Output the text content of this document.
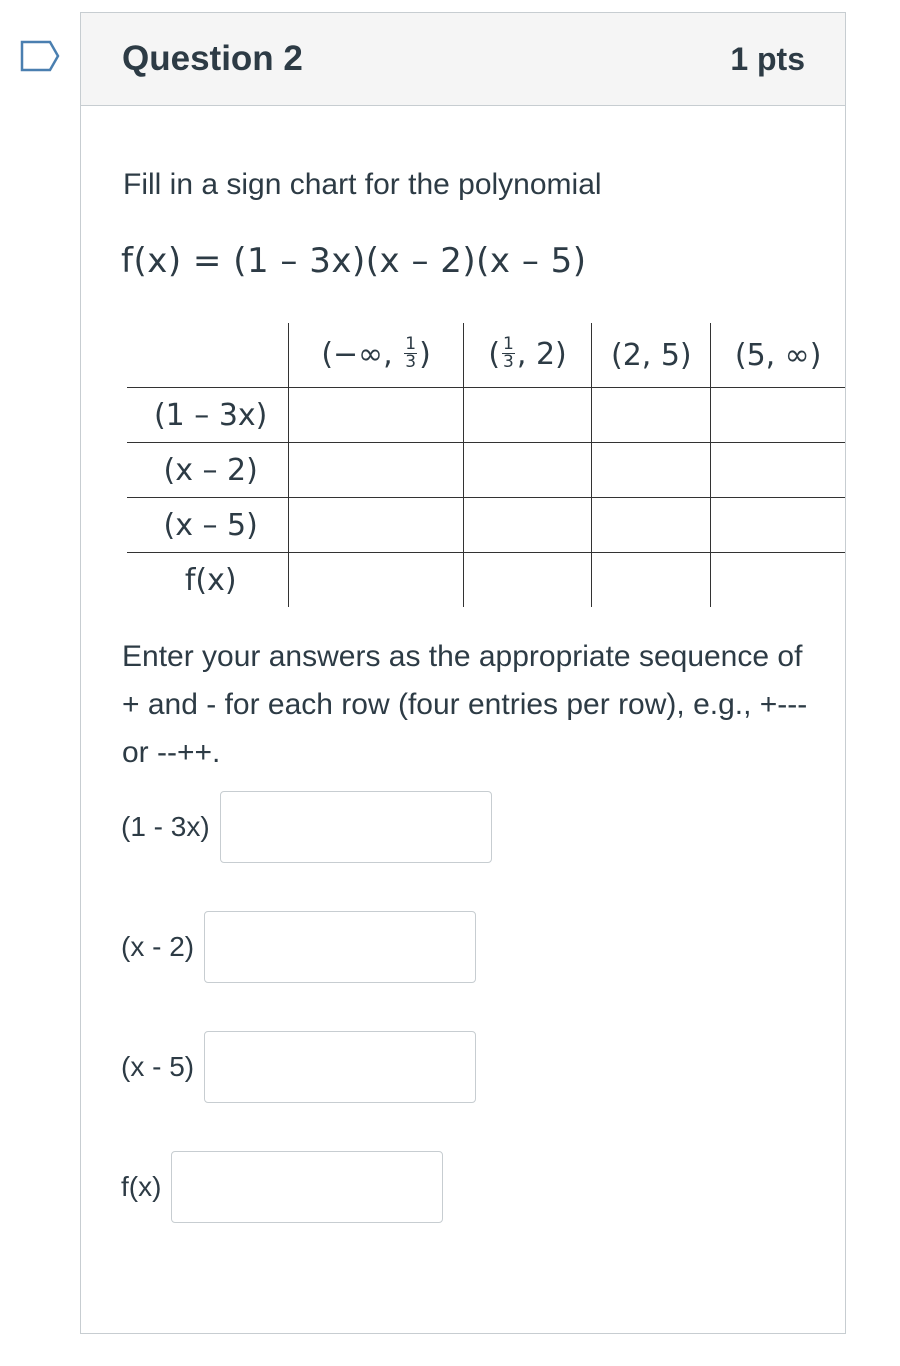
Question 2	1 pts
Fill in a sign chart for the polynomial
f(x) = (1 – 3x)(x – 2)(x – 5)
	(−∞, $\frac{1}{3}$ )	( $\frac{1}{3}$ , 2)	(2, 5)	(5, ∞)
(1 – 3x)				
(x – 2)				
(x – 5)				
f(x)				
Enter your answers as the appropriate sequence of + and - for each row (four entries per row), e.g., +--- or --++.
(1 - 3x)
(x - 2)
(x - 5)
f(x)
